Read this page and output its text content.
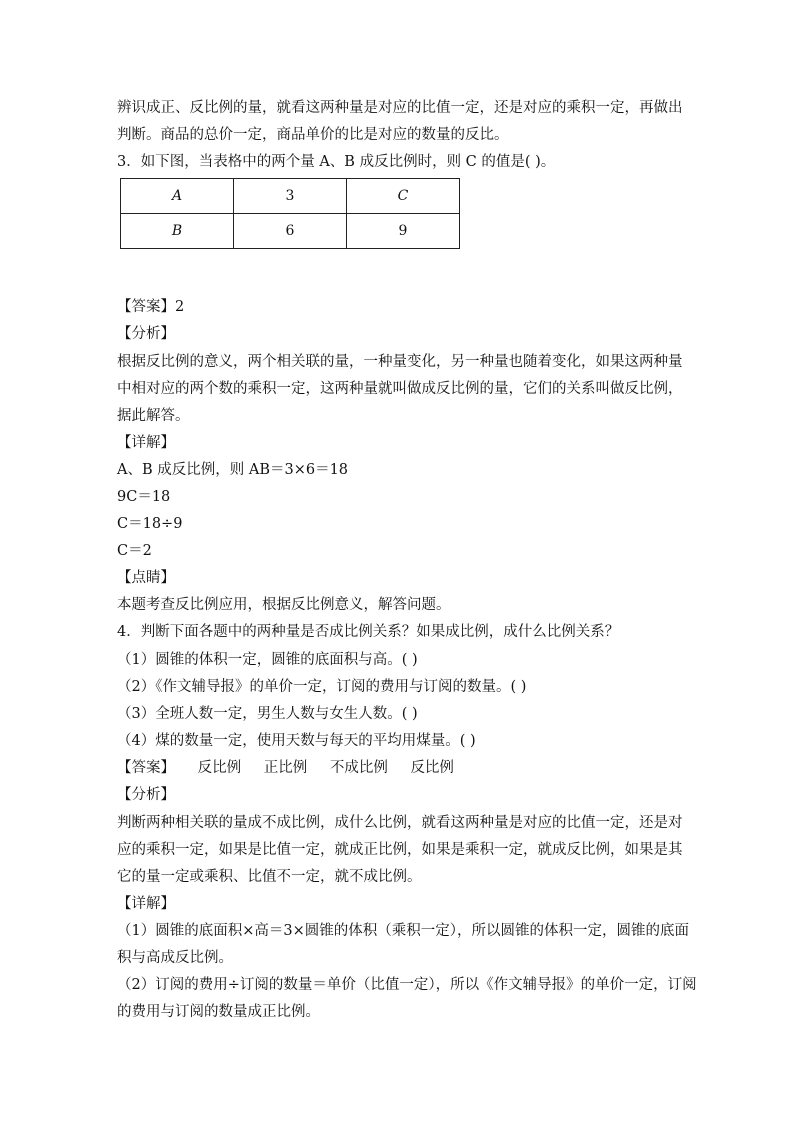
辨识成正、反比例的量，就看这两种量是对应的比值一定，还是对应的乘积一定，再做出
判断。商品的总价一定，商品单价的比是对应的数量的反比。
3．如下图，当表格中的两个量 A、B 成反比例时，则 C 的值是( )。
A	3	C
B	6	9
【答案】2
【分析】
根据反比例的意义，两个相关联的量，一种量变化，另一种量也随着变化，如果这两种量
中相对应的两个数的乘积一定，这两种量就叫做成反比例的量，它们的关系叫做反比例，
据此解答。
【详解】
A、B 成反比例，则 AB＝3×6＝18
9C＝18
C＝18÷9
C＝2
【点睛】
本题考查反比例应用，根据反比例意义，解答问题。
4．判断下面各题中的两种量是否成比例关系？如果成比例，成什么比例关系？
（1）圆锥的体积一定，圆锥的底面积与高。( )
（2）《作文辅导报》的单价一定，订阅的费用与订阅的数量。( )
（3）全班人数一定，男生人数与女生人数。( )
（4）煤的数量一定，使用天数与每天的平均用煤量。( )
【答案】 反比例 正比例 不成比例 反比例
【分析】
判断两种相关联的量成不成比例，成什么比例，就看这两种量是对应的比值一定，还是对
应的乘积一定，如果是比值一定，就成正比例，如果是乘积一定，就成反比例，如果是其
它的量一定或乘积、比值不一定，就不成比例。
【详解】
（1）圆锥的底面积×高＝3×圆锥的体积（乘积一定），所以圆锥的体积一定，圆锥的底面
积与高成反比例。
（2）订阅的费用÷订阅的数量＝单价（比值一定），所以《作文辅导报》的单价一定，订阅
的费用与订阅的数量成正比例。
